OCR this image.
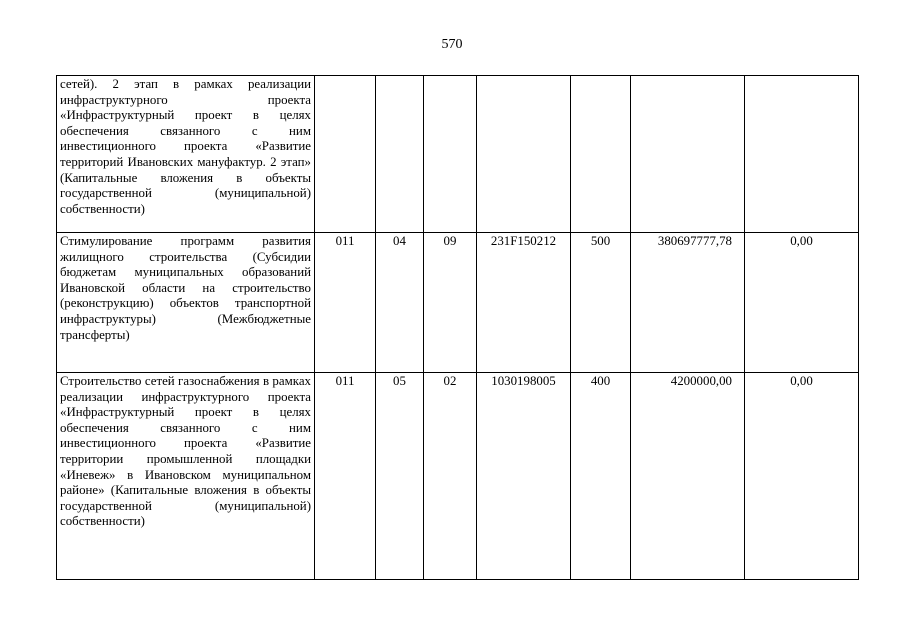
570
сетей). 2 этап в рамках реализации инфраструктурного проекта «Инфраструктурный проект в целях обеспечения связанного с ним инвестиционного проекта «Развитие территорий Ивановских мануфактур. 2 этап» (Капитальные вложения в объекты государственной (муниципальной) собственности)							
Стимулирование программ развития жилищного строительства (Субсидии бюджетам муниципальных образований Ивановской области на строительство (реконструкцию) объектов транспортной инфраструктуры) (Межбюджетные трансферты)	011	04	09	231F150212	500	380697777,78	0,00
Строительство сетей газоснабжения в рамках реализации инфраструктурного проекта «Инфраструктурный проект в целях обеспечения связанного с ним инвестиционного проекта «Развитие территории промышленной площадки «Иневеж» в Ивановском муниципальном районе» (Капитальные вложения в объекты государственной (муниципальной) собственности)	011	05	02	1030198005	400	4200000,00	0,00
